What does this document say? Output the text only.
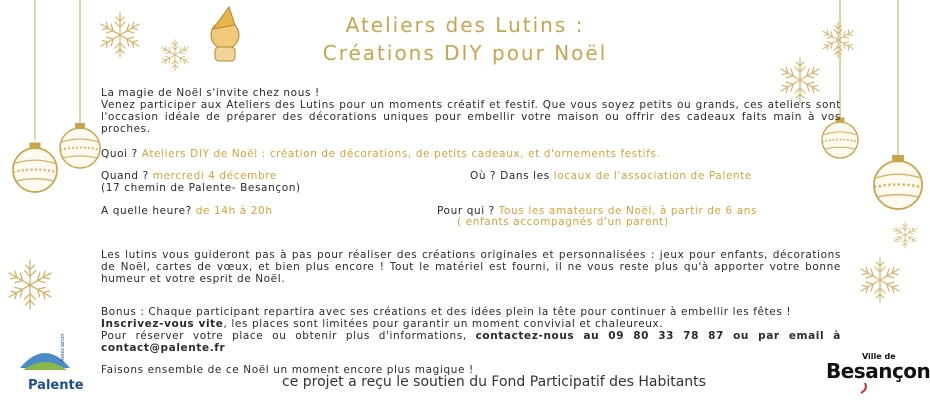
Ateliers des Lutins :
Créations DIY pour Noël
La magie de Noël s'invite chez nous !
Venez participer aux Ateliers des Lutins pour un moments créatif et festif. Que vous soyez petits ou grands, ces ateliers sont l'occasion idéale de préparer des décorations uniques pour embellir votre maison ou offrir des cadeaux faits main à vos proches.
Quoi ? Ateliers DIY de Noël : création de décorations, de petits cadeaux, et d'ornements festifs.
Quand ? mercredi 4 décembre
(17 chemin de Palente- Besançon)
Où ? Dans les locaux de l'association de Palente
A quelle heure? de 14h à 20h	Pour qui ? Tous les amateurs de Noël, à partir de 6 ans
( enfants accompagnés d'un parent)
Les lutins vous guideront pas à pas pour réaliser des créations originales et personnalisées : jeux pour enfants, décorations de Noël, cartes de vœux, et bien plus encore ! Tout le matériel est fourni, il ne vous reste plus qu'à apporter votre bonne humeur et votre esprit de Noël.
Bonus : Chaque participant repartira avec ses créations et des idées plein la tête pour continuer à embellir les fêtes !
Inscrivez-vous vite, les places sont limitées pour garantir un moment convivial et chaleureux.
Pour réserver votre place ou obtenir plus d'informations, contactez-nous au 09 80 33 78 87 ou par email à
contact@palente.fr
Faisons ensemble de ce Noël un moment encore plus magique !
ce projet a reçu le soutien du Fond Participatif des Habitants
Association
Palente
Ville de
Besançon
